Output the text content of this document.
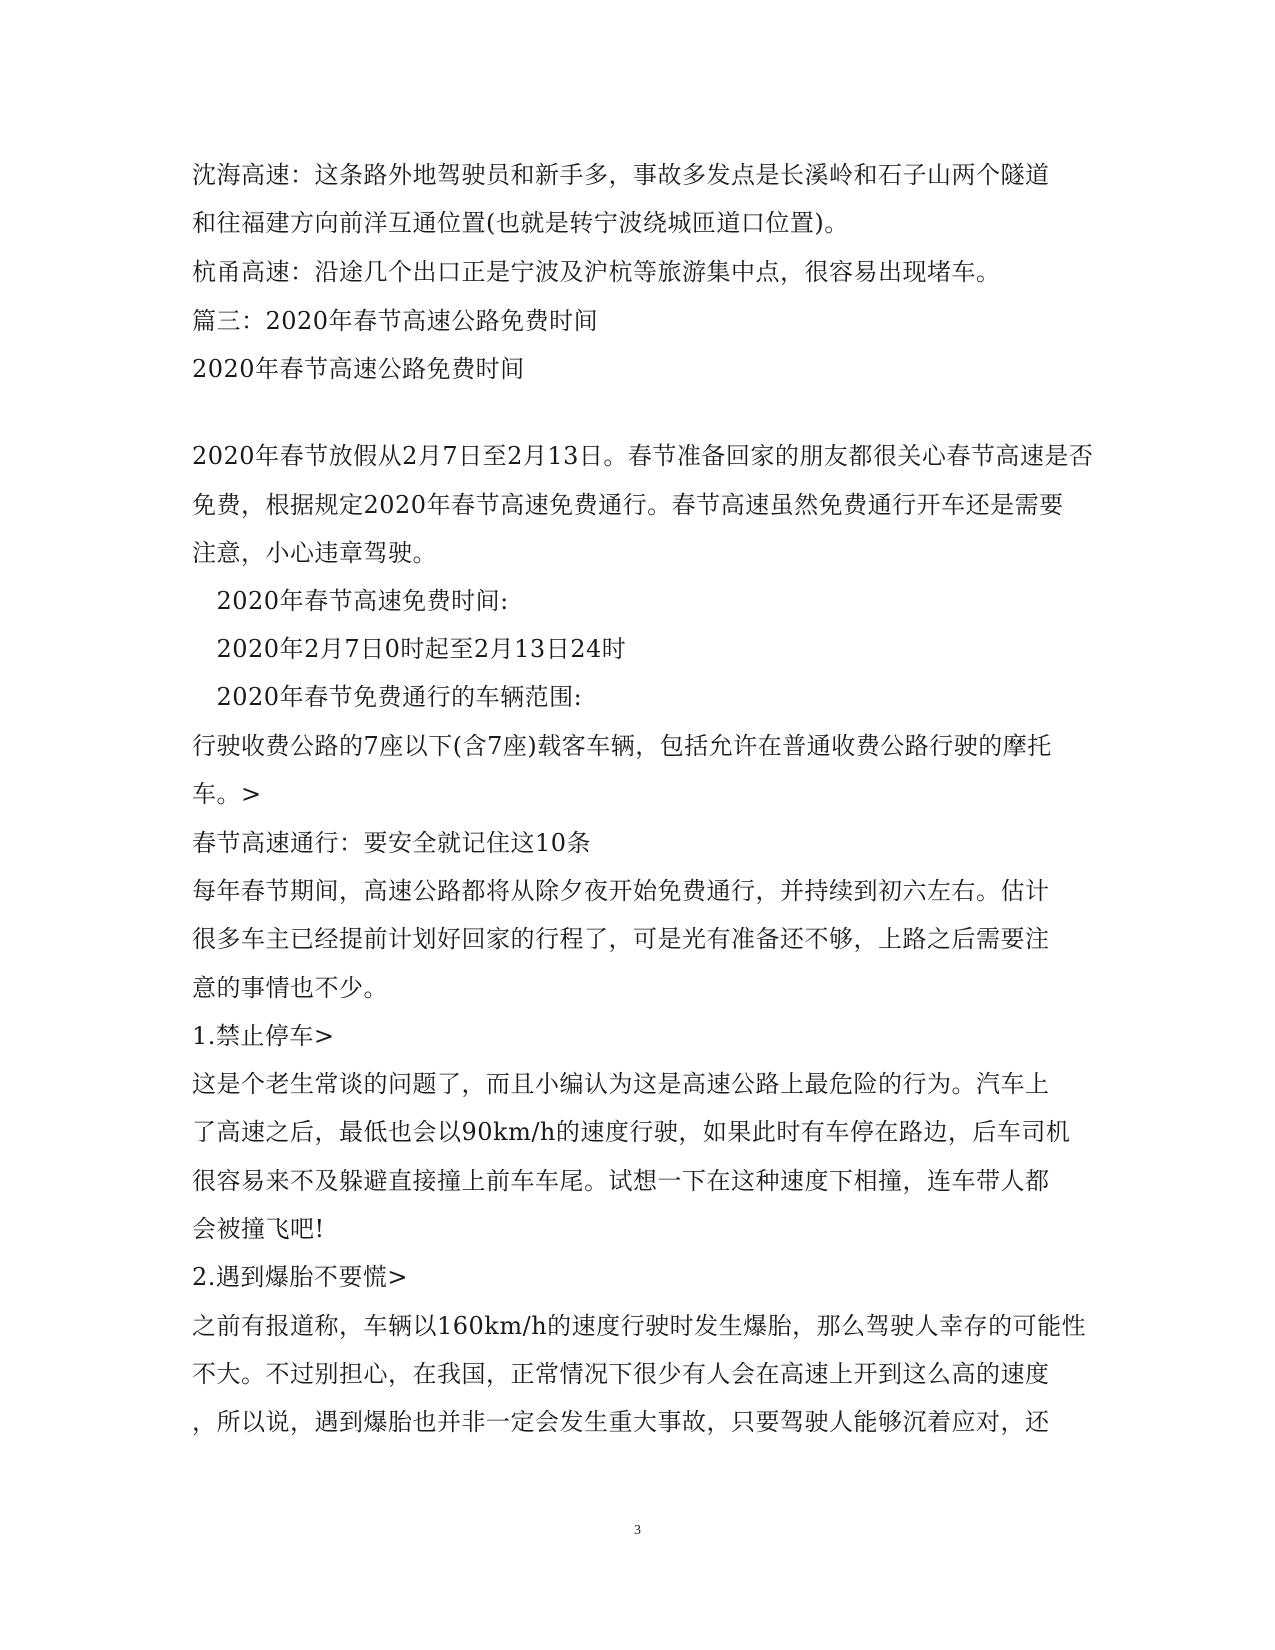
沈海高速：这条路外地驾驶员和新手多，事故多发点是长溪岭和石子山两个隧道
和往福建方向前洋互通位置(也就是转宁波绕城匝道口位置)。
杭甬高速：沿途几个出口正是宁波及沪杭等旅游集中点，很容易出现堵车。
篇三：2020年春节高速公路免费时间
2020年春节高速公路免费时间
2020年春节放假从2月7日至2月13日。春节准备回家的朋友都很关心春节高速是否
免费，根据规定2020年春节高速免费通行。春节高速虽然免费通行开车还是需要
注意，小心违章驾驶。
　2020年春节高速免费时间:
　2020年2月7日0时起至2月13日24时
　2020年春节免费通行的车辆范围:
行驶收费公路的7座以下(含7座)载客车辆，包括允许在普通收费公路行驶的摩托
车。>
春节高速通行：要安全就记住这10条
每年春节期间，高速公路都将从除夕夜开始免费通行，并持续到初六左右。估计
很多车主已经提前计划好回家的行程了，可是光有准备还不够，上路之后需要注
意的事情也不少。
1.禁止停车>
这是个老生常谈的问题了，而且小编认为这是高速公路上最危险的行为。汽车上
了高速之后，最低也会以90km/h的速度行驶，如果此时有车停在路边，后车司机
很容易来不及躲避直接撞上前车车尾。试想一下在这种速度下相撞，连车带人都
会被撞飞吧!
2.遇到爆胎不要慌>
之前有报道称，车辆以160km/h的速度行驶时发生爆胎，那么驾驶人幸存的可能性
不大。不过别担心，在我国，正常情况下很少有人会在高速上开到这么高的速度
，所以说，遇到爆胎也并非一定会发生重大事故，只要驾驶人能够沉着应对，还
3
